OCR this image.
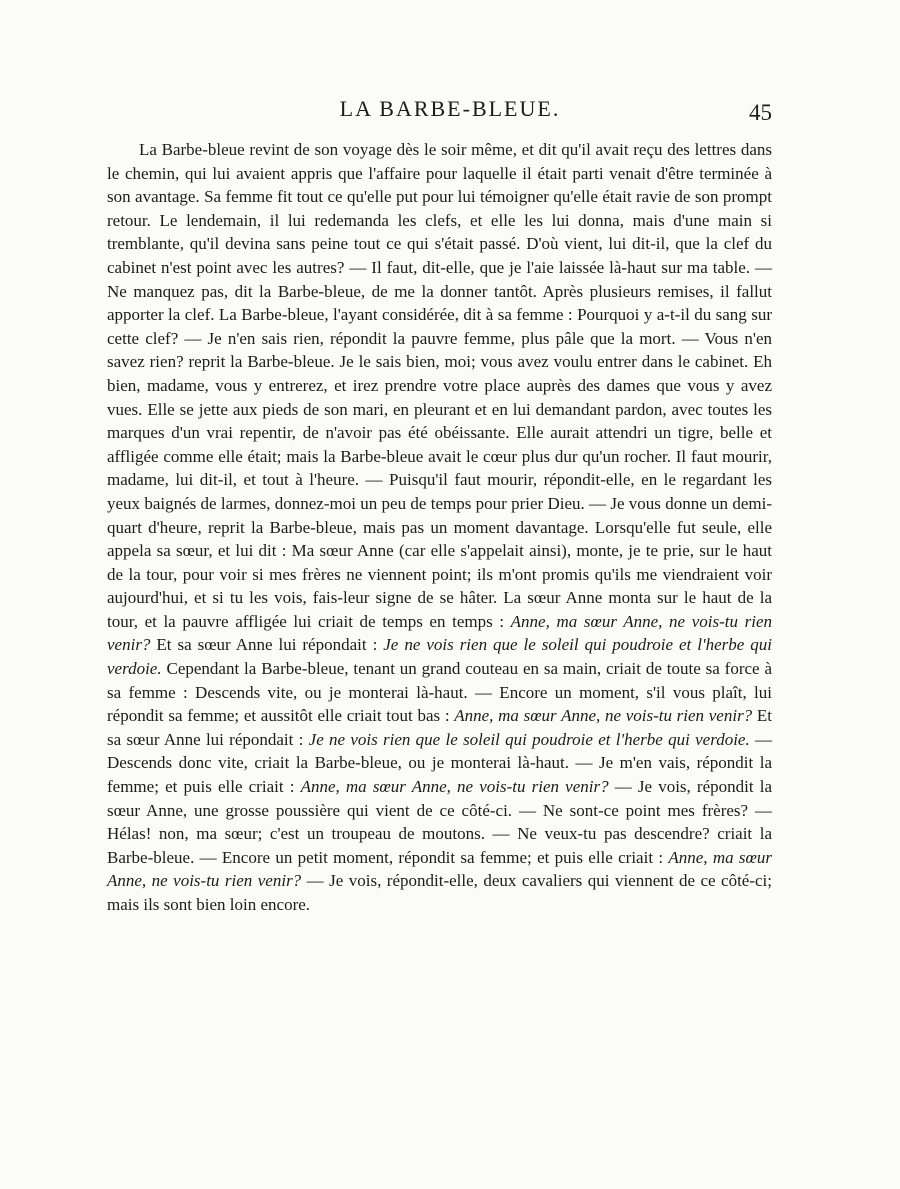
LA BARBE-BLEUE.	45

La Barbe-bleue revint de son voyage dès le soir même, et dit qu'il avait reçu des lettres dans le chemin, qui lui avaient appris que l'affaire pour laquelle il était parti venait d'être terminée à son avantage. Sa femme fit tout ce qu'elle put pour lui témoigner qu'elle était ravie de son prompt retour. Le lendemain, il lui redemanda les clefs, et elle les lui donna, mais d'une main si tremblante, qu'il devina sans peine tout ce qui s'était passé. D'où vient, lui dit-il, que la clef du cabinet n'est point avec les autres? — Il faut, dit-elle, que je l'aie laissée là-haut sur ma table. — Ne manquez pas, dit la Barbe-bleue, de me la donner tantôt. Après plusieurs remises, il fallut apporter la clef. La Barbe-bleue, l'ayant considérée, dit à sa femme : Pourquoi y a-t-il du sang sur cette clef? — Je n'en sais rien, répondit la pauvre femme, plus pâle que la mort. — Vous n'en savez rien? reprit la Barbe-bleue. Je le sais bien, moi; vous avez voulu entrer dans le cabinet. Eh bien, madame, vous y entrerez, et irez prendre votre place auprès des dames que vous y avez vues. Elle se jette aux pieds de son mari, en pleurant et en lui demandant pardon, avec toutes les marques d'un vrai repentir, de n'avoir pas été obéissante. Elle aurait attendri un tigre, belle et affligée comme elle était; mais la Barbe-bleue avait le cœur plus dur qu'un rocher. Il faut mourir, madame, lui dit-il, et tout à l'heure. — Puisqu'il faut mourir, répondit-elle, en le regardant les yeux baignés de larmes, donnez-moi un peu de temps pour prier Dieu. — Je vous donne un demi-quart d'heure, reprit la Barbe-bleue, mais pas un moment davantage. Lorsqu'elle fut seule, elle appela sa sœur, et lui dit : Ma sœur Anne (car elle s'appelait ainsi), monte, je te prie, sur le haut de la tour, pour voir si mes frères ne viennent point; ils m'ont promis qu'ils me viendraient voir aujourd'hui, et si tu les vois, fais-leur signe de se hâter. La sœur Anne monta sur le haut de la tour, et la pauvre affligée lui criait de temps en temps : Anne, ma sœur Anne, ne vois-tu rien venir? Et sa sœur Anne lui répondait : Je ne vois rien que le soleil qui poudroie et l'herbe qui verdoie. Cependant la Barbe-bleue, tenant un grand couteau en sa main, criait de toute sa force à sa femme : Descends vite, ou je monterai là-haut. — Encore un moment, s'il vous plaît, lui répondit sa femme; et aussitôt elle criait tout bas : Anne, ma sœur Anne, ne vois-tu rien venir? Et sa sœur Anne lui répondait : Je ne vois rien que le soleil qui poudroie et l'herbe qui verdoie. — Descends donc vite, criait la Barbe-bleue, ou je monterai là-haut. — Je m'en vais, répondit la femme; et puis elle criait : Anne, ma sœur Anne, ne vois-tu rien venir? — Je vois, répondit la sœur Anne, une grosse poussière qui vient de ce côté-ci. — Ne sont-ce point mes frères? — Hélas! non, ma sœur; c'est un troupeau de moutons. — Ne veux-tu pas descendre? criait la Barbe-bleue. — Encore un petit moment, répondit sa femme; et puis elle criait : Anne, ma sœur Anne, ne vois-tu rien venir? — Je vois, répondit-elle, deux cavaliers qui viennent de ce côté-ci; mais ils sont bien loin encore.
